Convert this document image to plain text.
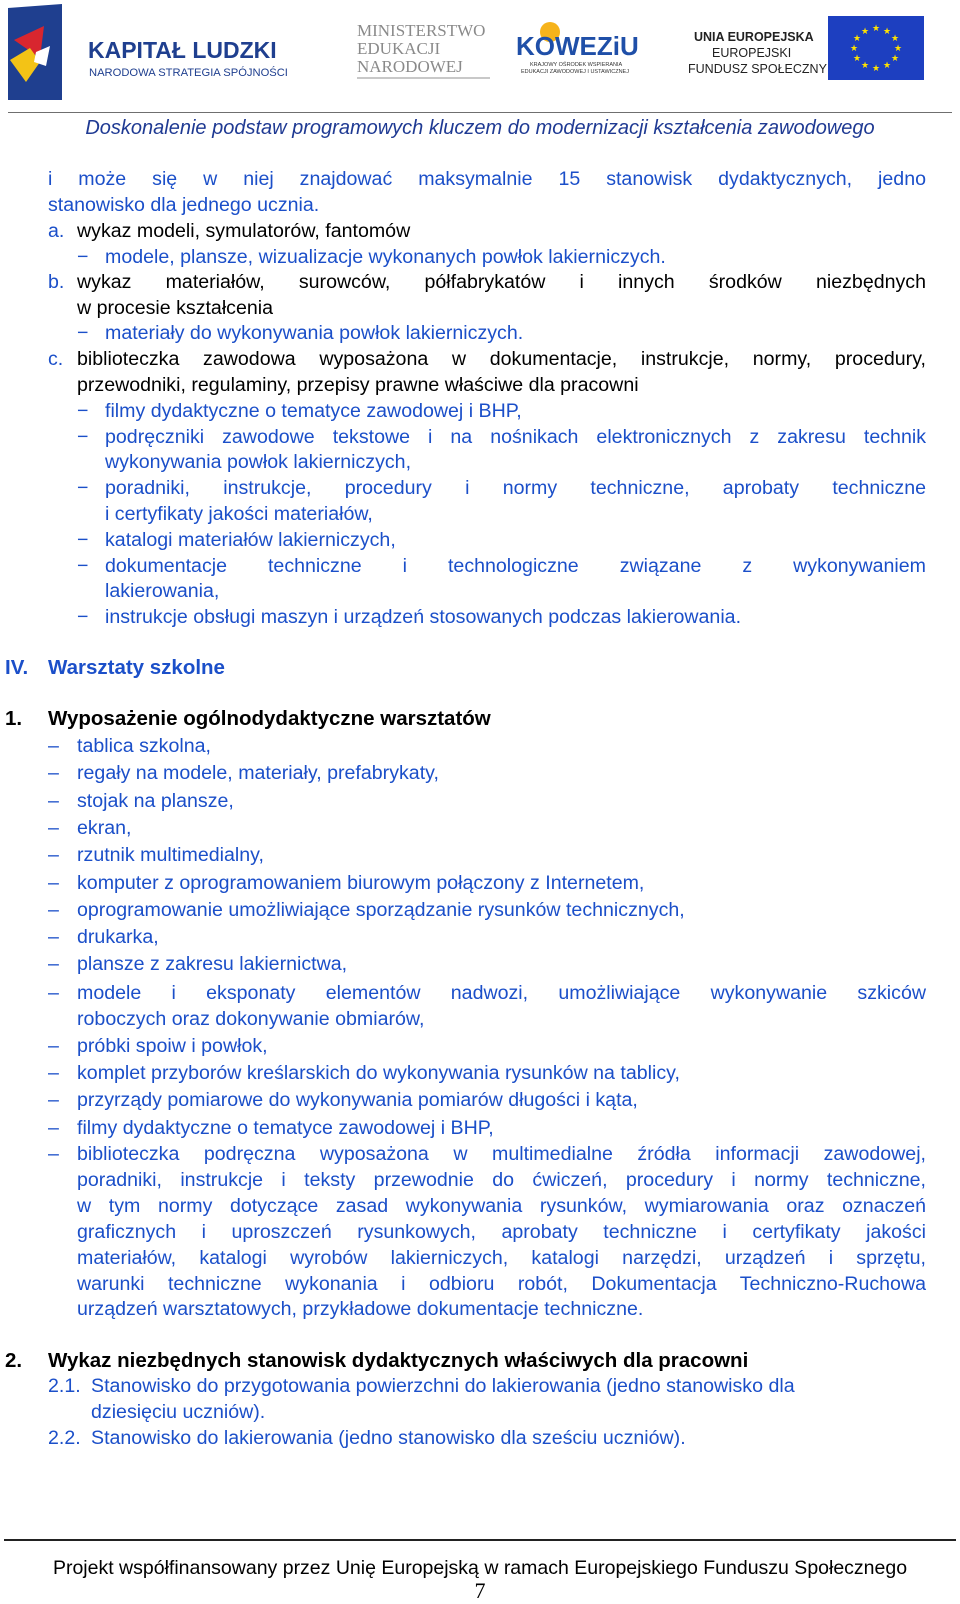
KAPITAŁ LUDZKI
NARODOWA STRATEGIA SPÓJNOŚCI
MINISTERSTWO
EDUKACJI
NARODOWEJ
KOWEZiU
KRAJOWY OŚRODEK WSPIERANIA
EDUKACJI ZAWODOWEJ I USTAWICZNEJ
UNIA EUROPEJSKA
EUROPEJSKI
FUNDUSZ SPOŁECZNY
★ ★
★
★
★
★
★
★
★
★
★
★
Doskonalenie podstaw programowych kluczem do modernizacji kształcenia zawodowego
i może się w niej znajdować maksymalnie 15 stanowisk dydaktycznych, jedno
stanowisko dla jednego ucznia.
a. wykaz modeli, symulatorów, fantomów
− modele, plansze, wizualizacje wykonanych powłok lakierniczych.
b. wykaz materiałów, surowców, półfabrykatów i innych środków niezbędnych
w procesie kształcenia
− materiały do wykonywania powłok lakierniczych.
c. biblioteczka zawodowa wyposażona w dokumentacje, instrukcje, normy, procedury,
przewodniki, regulaminy, przepisy prawne właściwe dla pracowni
− filmy dydaktyczne o tematyce zawodowej i BHP,
− podręczniki zawodowe tekstowe i na nośnikach elektronicznych z zakresu technik
wykonywania powłok lakierniczych,
− poradniki, instrukcje, procedury i normy techniczne, aprobaty techniczne
i certyfikaty jakości materiałów,
− katalogi materiałów lakierniczych,
− dokumentacje techniczne i technologiczne związane z wykonywaniem
lakierowania,
− instrukcje obsługi maszyn i urządzeń stosowanych podczas lakierowania.
IV. Warsztaty szkolne
1. Wyposażenie ogólnodydaktyczne warsztatów
– tablica szkolna,
– regały na modele, materiały, prefabrykaty,
– stojak na plansze,
– ekran,
– rzutnik multimedialny,
– komputer z oprogramowaniem biurowym połączony z Internetem,
– oprogramowanie umożliwiające sporządzanie rysunków technicznych,
– drukarka,
– plansze z zakresu lakiernictwa,
– modele i eksponaty elementów nadwozi, umożliwiające wykonywanie szkiców
roboczych oraz dokonywanie obmiarów,
– próbki spoiw i powłok,
– komplet przyborów kreślarskich do wykonywania rysunków na tablicy,
– przyrządy pomiarowe do wykonywania pomiarów długości i kąta,
– filmy dydaktyczne o tematyce zawodowej i BHP,
– biblioteczka podręczna wyposażona w multimedialne źródła informacji zawodowej,
poradniki, instrukcje i teksty przewodnie do ćwiczeń, procedury i normy techniczne,
w tym normy dotyczące zasad wykonywania rysunków, wymiarowania oraz oznaczeń
graficznych i uproszczeń rysunkowych, aprobaty techniczne i certyfikaty jakości
materiałów, katalogi wyrobów lakierniczych, katalogi narzędzi, urządzeń i sprzętu,
warunki techniczne wykonania i odbioru robót, Dokumentacja Techniczno-Ruchowa
urządzeń warsztatowych, przykładowe dokumentacje techniczne.
2. Wykaz niezbędnych stanowisk dydaktycznych właściwych dla pracowni
2.1. Stanowisko do przygotowania powierzchni do lakierowania (jedno stanowisko dla
dziesięciu uczniów).
2.2. Stanowisko do lakierowania (jedno stanowisko dla sześciu uczniów).
Projekt współfinansowany przez Unię Europejską w ramach Europejskiego Funduszu Społecznego
7
